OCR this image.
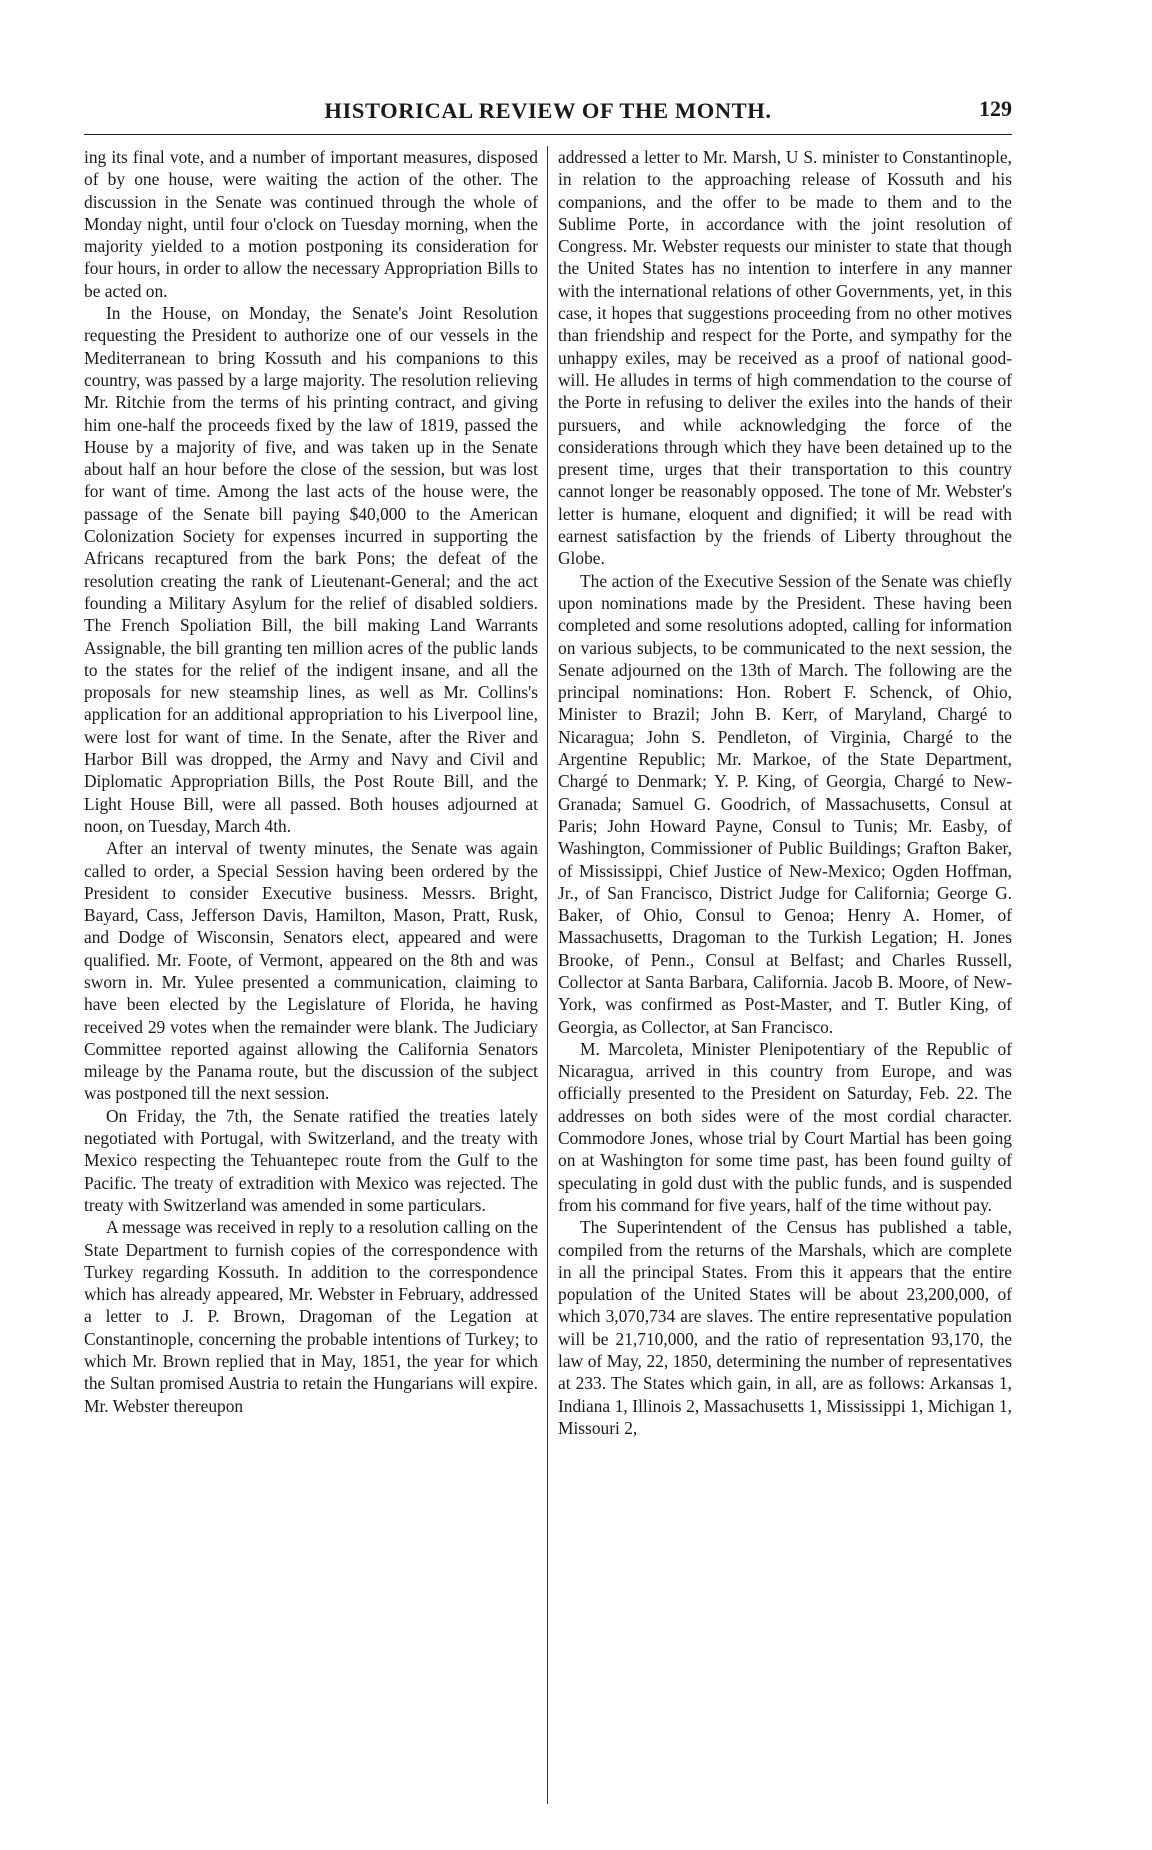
HISTORICAL REVIEW OF THE MONTH.	129

ing its final vote, and a number of important measures, disposed of by one house, were waiting the action of the other. The discussion in the Senate was continued through the whole of Monday night, until four o'clock on Tuesday morning, when the majority yielded to a motion postponing its consideration for four hours, in order to allow the necessary Appropriation Bills to be acted on.

In the House, on Monday, the Senate's Joint Resolution requesting the President to authorize one of our vessels in the Mediterranean to bring Kossuth and his companions to this country, was passed by a large majority. The resolution relieving Mr. Ritchie from the terms of his printing contract, and giving him one-half the proceeds fixed by the law of 1819, passed the House by a majority of five, and was taken up in the Senate about half an hour before the close of the session, but was lost for want of time. Among the last acts of the house were, the passage of the Senate bill paying $40,000 to the American Colonization Society for expenses incurred in supporting the Africans recaptured from the bark Pons; the defeat of the resolution creating the rank of Lieutenant-General; and the act founding a Military Asylum for the relief of disabled soldiers. The French Spoliation Bill, the bill making Land Warrants Assignable, the bill granting ten million acres of the public lands to the states for the relief of the indigent insane, and all the proposals for new steamship lines, as well as Mr. Collins's application for an additional appropriation to his Liverpool line, were lost for want of time. In the Senate, after the River and Harbor Bill was dropped, the Army and Navy and Civil and Diplomatic Appropriation Bills, the Post Route Bill, and the Light House Bill, were all passed. Both houses adjourned at noon, on Tuesday, March 4th.

After an interval of twenty minutes, the Senate was again called to order, a Special Session having been ordered by the President to consider Executive business. Messrs. Bright, Bayard, Cass, Jefferson Davis, Hamilton, Mason, Pratt, Rusk, and Dodge of Wisconsin, Senators elect, appeared and were qualified. Mr. Foote, of Vermont, appeared on the 8th and was sworn in. Mr. Yulee presented a communication, claiming to have been elected by the Legislature of Florida, he having received 29 votes when the remainder were blank. The Judiciary Committee reported against allowing the California Senators mileage by the Panama route, but the discussion of the subject was postponed till the next session.

On Friday, the 7th, the Senate ratified the treaties lately negotiated with Portugal, with Switzerland, and the treaty with Mexico respecting the Tehuantepec route from the Gulf to the Pacific. The treaty of extradition with Mexico was rejected. The treaty with Switzerland was amended in some particulars.

A message was received in reply to a resolution calling on the State Department to furnish copies of the correspondence with Turkey regarding Kossuth. In addition to the correspondence which has already appeared, Mr. Webster in February, addressed a letter to J. P. Brown, Dragoman of the Legation at Constantinople, concerning the probable intentions of Turkey; to which Mr. Brown replied that in May, 1851, the year for which the Sultan promised Austria to retain the Hungarians will expire. Mr. Webster thereupon

addressed a letter to Mr. Marsh, U S. minister to Constantinople, in relation to the approaching release of Kossuth and his companions, and the offer to be made to them and to the Sublime Porte, in accordance with the joint resolution of Congress. Mr. Webster requests our minister to state that though the United States has no intention to interfere in any manner with the international relations of other Governments, yet, in this case, it hopes that suggestions proceeding from no other motives than friendship and respect for the Porte, and sympathy for the unhappy exiles, may be received as a proof of national good-will. He alludes in terms of high commendation to the course of the Porte in refusing to deliver the exiles into the hands of their pursuers, and while acknowledging the force of the considerations through which they have been detained up to the present time, urges that their transportation to this country cannot longer be reasonably opposed. The tone of Mr. Webster's letter is humane, eloquent and dignified; it will be read with earnest satisfaction by the friends of Liberty throughout the Globe.

The action of the Executive Session of the Senate was chiefly upon nominations made by the President. These having been completed and some resolutions adopted, calling for information on various subjects, to be communicated to the next session, the Senate adjourned on the 13th of March. The following are the principal nominations: Hon. Robert F. Schenck, of Ohio, Minister to Brazil; John B. Kerr, of Maryland, Chargé to Nicaragua; John S. Pendleton, of Virginia, Chargé to the Argentine Republic; Mr. Markoe, of the State Department, Chargé to Denmark; Y. P. King, of Georgia, Chargé to New-Granada; Samuel G. Goodrich, of Massachusetts, Consul at Paris; John Howard Payne, Consul to Tunis; Mr. Easby, of Washington, Commissioner of Public Buildings; Grafton Baker, of Mississippi, Chief Justice of New-Mexico; Ogden Hoffman, Jr., of San Francisco, District Judge for California; George G. Baker, of Ohio, Consul to Genoa; Henry A. Homer, of Massachusetts, Dragoman to the Turkish Legation; H. Jones Brooke, of Penn., Consul at Belfast; and Charles Russell, Collector at Santa Barbara, California. Jacob B. Moore, of New-York, was confirmed as Post-Master, and T. Butler King, of Georgia, as Collector, at San Francisco.

M. Marcoleta, Minister Plenipotentiary of the Republic of Nicaragua, arrived in this country from Europe, and was officially presented to the President on Saturday, Feb. 22. The addresses on both sides were of the most cordial character. Commodore Jones, whose trial by Court Martial has been going on at Washington for some time past, has been found guilty of speculating in gold dust with the public funds, and is suspended from his command for five years, half of the time without pay.

The Superintendent of the Census has published a table, compiled from the returns of the Marshals, which are complete in all the principal States. From this it appears that the entire population of the United States will be about 23,200,000, of which 3,070,734 are slaves. The entire representative population will be 21,710,000, and the ratio of representation 93,170, the law of May, 22, 1850, determining the number of representatives at 233. The States which gain, in all, are as follows: Arkansas 1, Indiana 1, Illinois 2, Massachusetts 1, Mississippi 1, Michigan 1, Missouri 2,
